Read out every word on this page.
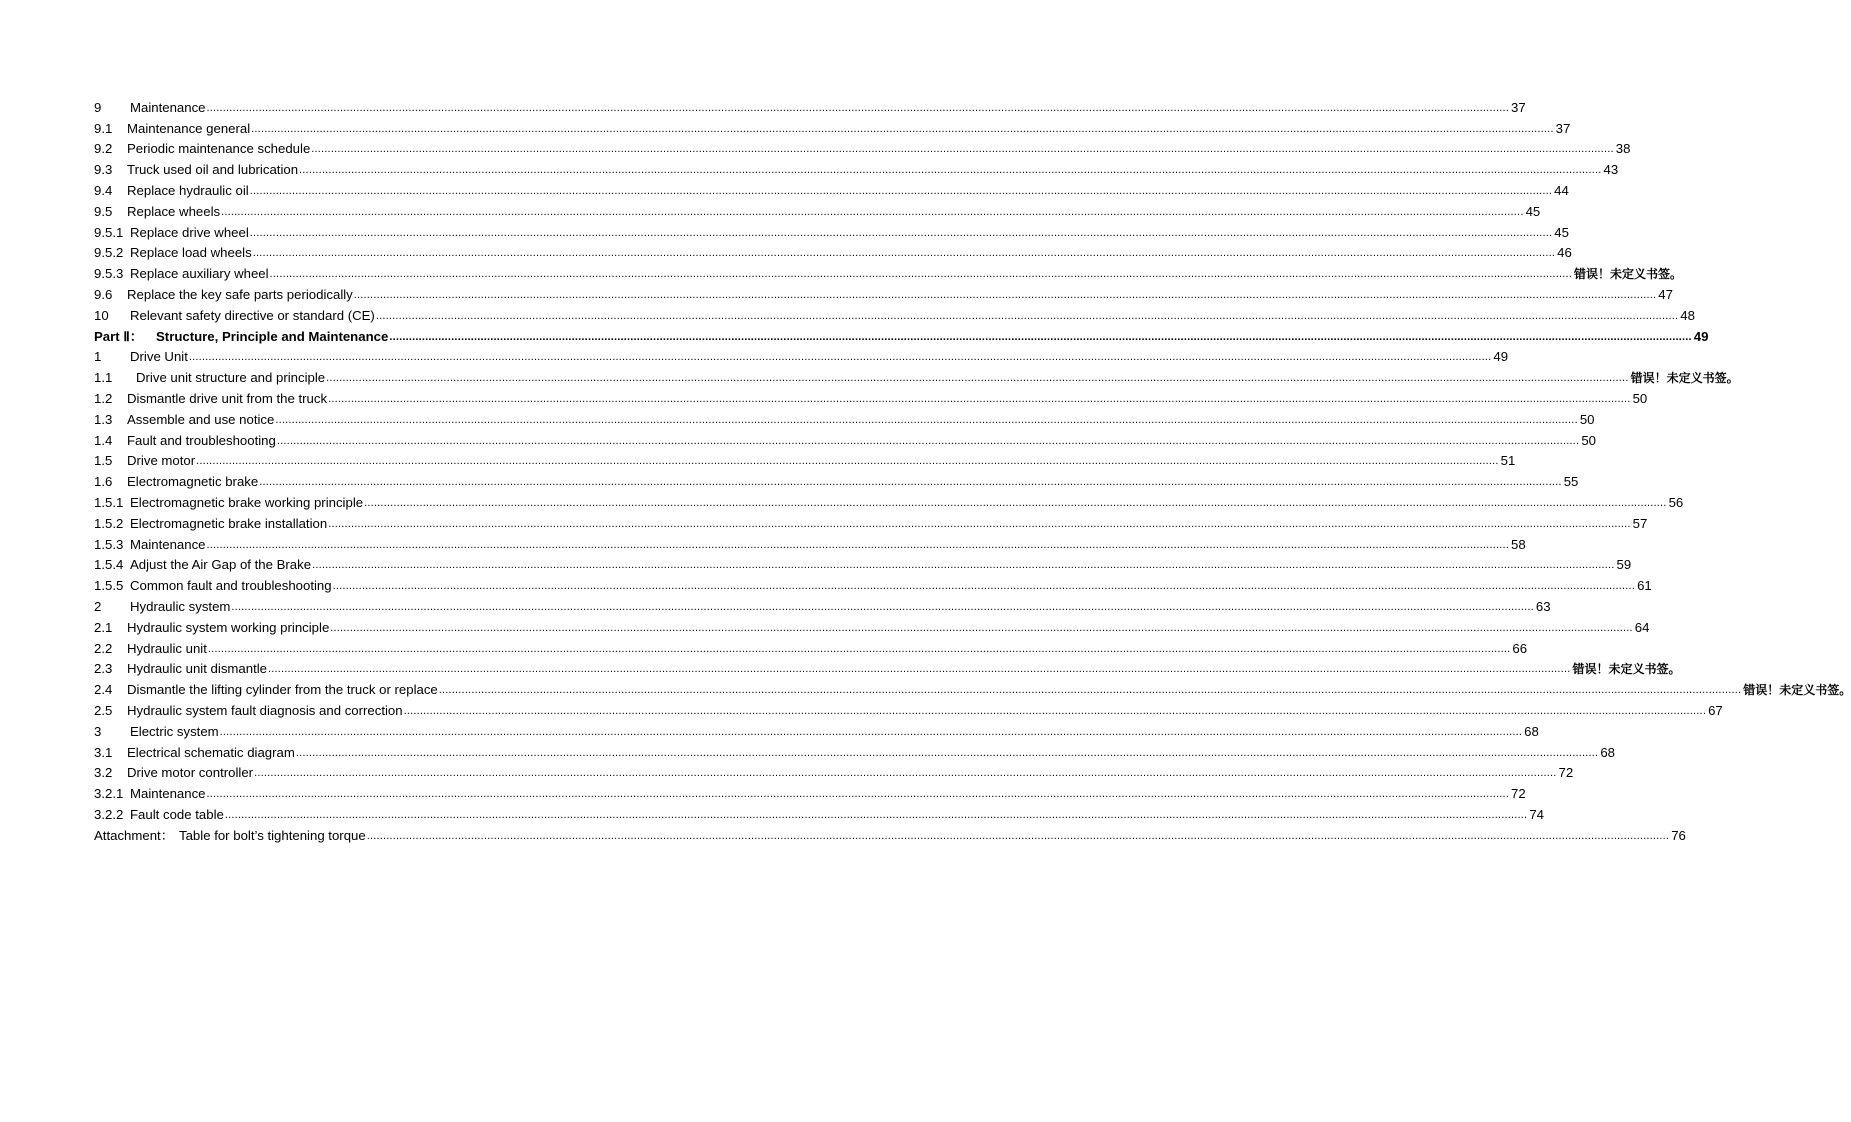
9	Maintenance ................................................................................................................................................................................................................................................................................................................................................................................................................ 37
9.1	Maintenance general ................................................................................................................................................................................................................................................................................................................................................................................................................ 37
9.2	Periodic maintenance schedule ................................................................................................................................................................................................................................................................................................................................................................................................................ 38
9.3	Truck used oil and lubrication ................................................................................................................................................................................................................................................................................................................................................................................................................ 43
9.4	Replace hydraulic oil ................................................................................................................................................................................................................................................................................................................................................................................................................ 44
9.5	Replace wheels ................................................................................................................................................................................................................................................................................................................................................................................................................ 45
9.5.1 Replace drive wheel ................................................................................................................................................................................................................................................................................................................................................................................................................ 45
9.5.2 Replace load wheels ................................................................................................................................................................................................................................................................................................................................................................................................................ 46
9.5.3 Replace auxiliary wheel ................................................................................................................................................................................................................................................................................................................................................................................................................ 错误！未定义书签。
9.6	Replace the key safe parts periodically ................................................................................................................................................................................................................................................................................................................................................................................................................ 47
10	Relevant safety directive or standard (CE) ................................................................................................................................................................................................................................................................................................................................................................................................................ 48
Part Ⅱ： Structure, Principle and Maintenance ................................................................................................................................................................................................................................................................................................................................................................................................................ 49
1	Drive Unit ................................................................................................................................................................................................................................................................................................................................................................................................................ 49
1.1	Drive unit structure and principle ................................................................................................................................................................................................................................................................................................................................................................................................................ 错误！未定义书签。
1.2	Dismantle drive unit from the truck ................................................................................................................................................................................................................................................................................................................................................................................................................ 50
1.3	Assemble and use notice ................................................................................................................................................................................................................................................................................................................................................................................................................ 50
1.4	Fault and troubleshooting ................................................................................................................................................................................................................................................................................................................................................................................................................ 50
1.5	Drive motor ................................................................................................................................................................................................................................................................................................................................................................................................................ 51
1.6	Electromagnetic brake ................................................................................................................................................................................................................................................................................................................................................................................................................ 55
1.5.1 Electromagnetic brake working principle ................................................................................................................................................................................................................................................................................................................................................................................................................ 56
1.5.2 Electromagnetic brake installation ................................................................................................................................................................................................................................................................................................................................................................................................................ 57
1.5.3 Maintenance ................................................................................................................................................................................................................................................................................................................................................................................................................ 58
1.5.4 Adjust the Air Gap of the Brake ................................................................................................................................................................................................................................................................................................................................................................................................................ 59
1.5.5 Common fault and troubleshooting ................................................................................................................................................................................................................................................................................................................................................................................................................ 61
2	Hydraulic system ................................................................................................................................................................................................................................................................................................................................................................................................................ 63
2.1	Hydraulic system working principle ................................................................................................................................................................................................................................................................................................................................................................................................................ 64
2.2	Hydraulic unit ................................................................................................................................................................................................................................................................................................................................................................................................................ 66
2.3	Hydraulic unit dismantle ................................................................................................................................................................................................................................................................................................................................................................................................................ 错误！未定义书签。
2.4	Dismantle the lifting cylinder from the truck or replace ................................................................................................................................................................................................................................................................................................................................................................................................................ 错误！未定义书签。
2.5	Hydraulic system fault diagnosis and correction ................................................................................................................................................................................................................................................................................................................................................................................................................ 67
3	Electric system ................................................................................................................................................................................................................................................................................................................................................................................................................ 68
3.1	Electrical schematic diagram ................................................................................................................................................................................................................................................................................................................................................................................................................ 68
3.2	Drive motor controller ................................................................................................................................................................................................................................................................................................................................................................................................................ 72
3.2.1 Maintenance ................................................................................................................................................................................................................................................................................................................................................................................................................ 72
3.2.2 Fault code table ................................................................................................................................................................................................................................................................................................................................................................................................................ 74
Attachment： Table for bolt’s tightening torque ................................................................................................................................................................................................................................................................................................................................................................................................................ 76
